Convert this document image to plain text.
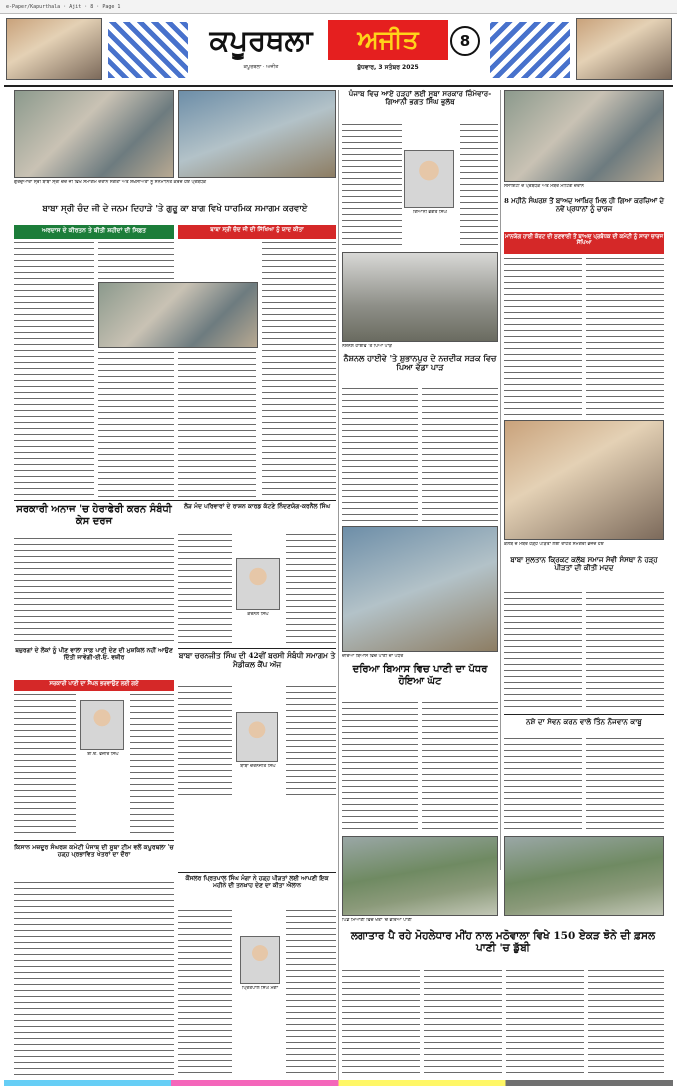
e-Paper/Kapurthala · Ajit · 8 · Page 1
ਕਪੂਰਥਲਾ	ਅਜੀਤ
ਕਪੂਰਥਲਾ · ਅਜੀਤ	ਬੁੱਧਵਾਰ, 3 ਸਤੰਬਰ 2025
8
ਗੁਰਦੁਆਰਾ ਸ੍ਰੀ ਬਾਬਾ ਸ੍ਰੀ ਚੰਦ ਜੀ ਵਿਖੇ ਸਮਾਗਮ ਦੌਰਾਨ ਸੰਗਤਾਂ ਅਤੇ ਸ਼ਖ਼ਸੀਅਤਾਂ ਨੂੰ ਸਨਮਾਨਿਤ ਕਰਦੇ ਹੋਏ ਪ੍ਰਬੰਧਕ
ਬਾਬਾ ਸ੍ਰੀ ਚੰਦ ਜੀ ਦੇ ਜਨਮ ਦਿਹਾੜੇ 'ਤੇ ਗੁਰੂ ਕਾ ਬਾਗ ਵਿਖੇ ਧਾਰਮਿਕ ਸਮਾਗਮ ਕਰਵਾਏ
ਅਰਦਾਸ ਦੇ ਕੀਰਤਨ ਤੇ ਬੀਤੀ ਸ਼ਹੀਦਾਂ ਦੀ ਸਿਫ਼ਤ	ਬਾਬਾ ਸ੍ਰੀ ਚੰਦ ਜੀ ਦੀ ਸਿੱਖਿਆ ਨੂੰ ਯਾਦ ਕੀਤਾ
ਸਰਕਾਰੀ ਅਨਾਜ 'ਚ ਹੇਰਾਫੇਰੀ ਕਰਨ ਸੰਬੰਧੀ ਕੇਸ ਦਰਜ
ਬਜ਼ੁਰਗਾਂ ਦੇ ਲੋਕਾਂ ਨੂੰ ਪੀਣ ਵਾਲਾ ਸਾਫ਼ ਪਾਣੀ ਦੇਣ ਦੀ ਮੁਸ਼ਕਿਲ ਨਹੀਂ ਆਉਣ ਦਿੱਤੀ ਜਾਵੇਗੀ-ਈ.ਓ. ਵਜ਼ੀਰ
ਸਰਕਾਰੀ ਪਾਣੀ ਦਾ ਸੈਂਪਲ ਭਰਵਾਉਣ ਲਈ ਗਏ
ਈ.ਓ. ਵਜ਼ੀਰ ਸਿੰਘ
ਕਿਸਾਨ ਮਜ਼ਦੂਰ ਸੰਘਰਸ਼ ਕਮੇਟੀ ਪੰਜਾਬ ਦੀ ਸੂਬਾ ਟੀਮ ਵਲੋਂ ਕਪੂਰਥਲਾ 'ਚ ਹੜ੍ਹ ਪ੍ਰਭਾਵਿਤ ਖੇਤਰਾਂ ਦਾ ਦੌਰਾ
ਲੋੜ ਮੰਦ ਪਰਿਵਾਰਾਂ ਦੇ ਰਾਸ਼ਨ ਕਾਰਡ ਕੱਟਣੇ ਨਿੰਦਣਯੋਗ-ਕਰਨੈਲ ਸਿੰਘ
ਕਰਨੈਲ ਸਿੰਘ
ਬਾਬਾ ਚਰਨਜੀਤ ਸਿੰਘ ਦੀ 42ਵੀਂ ਬਰਸੀ ਸੰਬੰਧੀ ਸਮਾਗਮ ਤੇ ਮੈਡੀਕਲ ਕੈਂਪ ਅੱਜ
ਬਾਬਾ ਚਰਨਜੀਤ ਸਿੰਘ
ਕੌਂਸਲਰ ਪ੍ਰਿਤਪਾਲ ਸਿੰਘ ਮੰਗਾ ਨੇ ਹੜ੍ਹ ਪੀੜਤਾਂ ਲਈ ਆਪਣੀ ਇਕ ਮਹੀਨੇ ਦੀ ਤਨਖ਼ਾਹ ਦੇਣ ਦਾ ਕੀਤਾ ਐਲਾਨ
ਪ੍ਰਿਤਪਾਲ ਸਿੰਘ ਮੰਗਾ
ਪੰਜਾਬ ਵਿਚ ਆਏ ਹੜ੍ਹਾਂ ਲਈ ਸੂਬਾ ਸਰਕਾਰ ਜ਼ਿੰਮੇਵਾਰ-ਗਿਆਨੀ ਭਗਤ ਸਿੰਘ ਭੁਲੱਥ
ਗਿਆਨੀ ਭਗਤ ਸਿੰਘ
ਨੈਸ਼ਨਲ ਹਾਈਵੇ 'ਤੇ ਪਿਆ ਪਾੜ
ਨੈਸ਼ਨਲ ਹਾਈਵੇ 'ਤੇ ਸ਼ੁਭਾਨਪੁਰ ਦੇ ਨਜ਼ਦੀਕ ਸੜਕ ਵਿਚ ਪਿਆ ਵੱਡਾ ਪਾੜ
ਦਰਿਆ ਬਿਆਸ ਵਿਚ ਪਾਣੀ ਦਾ ਪੱਧਰ
ਦਰਿਆ ਬਿਆਸ ਵਿਚ ਪਾਣੀ ਦਾ ਪੱਧਰ ਹੋਇਆ ਘੱਟ
ਸੋਸਾਇਟੀ ਦੇ ਪ੍ਰਬੰਧਕ ਅਤੇ ਮੈਂਬਰ ਮੀਟਿੰਗ ਦੌਰਾਨ
8 ਮਹੀਨੇ ਸੰਘਰਸ਼ ਤੋਂ ਬਾਅਦ ਆਖ਼ਿਰ ਮਿਲ ਹੀ ਗਿਆ ਕਰਜ਼ਿਆਂ ਦੇ ਨਵੇਂ ਪ੍ਰਧਾਨਾਂ ਨੂੰ ਚਾਰਜ
ਮਾਨਯੋਗ ਹਾਈ ਕੋਰਟ ਦੀ ਸੁਣਵਾਈ ਤੋਂ ਬਾਅਦ ਪ੍ਰਬੰਧਕ ਦੀ ਕਮੇਟੀ ਨੂੰ ਸਾਰਾ ਚਾਰਜ ਸੌਂਪਿਆ
ਕਲੱਬ ਦੇ ਮੈਂਬਰ ਹੜ੍ਹ ਪੀੜਤਾਂ ਲਈ ਰਾਹਤ ਸਮੱਗਰੀ ਭੇਜਦੇ ਹੋਏ
ਬਾਬਾ ਸੁਲਤਾਨ ਕ੍ਰਿਕਟ ਕਲੱਬ ਸਮਾਜ ਸੇਵੀ ਸੰਸਥਾ ਨੇ ਹੜ੍ਹ ਪੀੜਤਾਂ ਦੀ ਕੀਤੀ ਮਦਦ
ਨਸ਼ੇ ਦਾ ਸੇਵਨ ਕਰਨ ਵਾਲੇ ਤਿੰਨ ਨੌਜਵਾਨ ਕਾਬੂ
ਪਿੰਡ ਮਿਆਣੀ ਵਿਚ ਖੇਤਾਂ 'ਚ ਭਰਿਆ ਪਾਣੀ
ਲਗਾਤਾਰ ਪੈ ਰਹੇ ਮੋਹਲੇਧਾਰ ਮੀਂਹ ਨਾਲ ਮਠੋਵਾਲਾ ਵਿਖੇ 150 ਏਕੜ ਝੋਨੇ ਦੀ ਫ਼ਸਲ ਪਾਣੀ 'ਚ ਡੁੱਬੀ
